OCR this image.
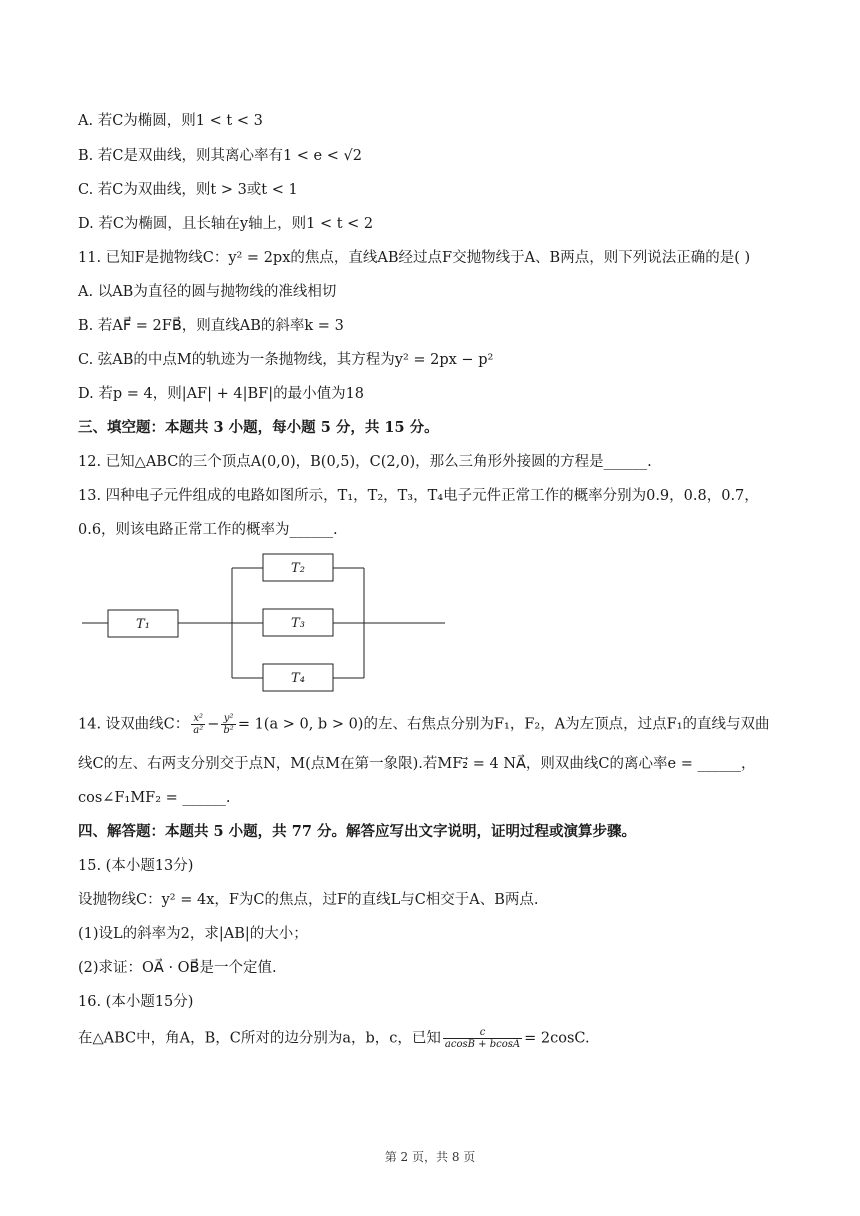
A. 若C为椭圆，则1 < t < 3
B. 若C是双曲线，则其离心率有1 < e < √2
C. 若C为双曲线，则t > 3或t < 1
D. 若C为椭圆，且长轴在y轴上，则1 < t < 2
11. 已知F是抛物线C：y² = 2px的焦点，直线AB经过点F交抛物线于A、B两点，则下列说法正确的是( )
A. 以AB为直径的圆与抛物线的准线相切
B. 若AF⃗ = 2FB⃗，则直线AB的斜率k = 3
C. 弦AB的中点M的轨迹为一条抛物线，其方程为y² = 2px − p²
D. 若p = 4，则|AF| + 4|BF|的最小值为18
三、填空题：本题共 3 小题，每小题 5 分，共 15 分。
12. 已知△ABC的三个顶点A(0,0)，B(0,5)，C(2,0)，那么三角形外接圆的方程是______.
13. 四种电子元件组成的电路如图所示，T₁，T₂，T₃，T₄电子元件正常工作的概率分别为0.9，0.8，0.7，
0.6，则该电路正常工作的概率为______.
cos∠F₁MF₂ = ______.
四、解答题：本题共 5 小题，共 77 分。解答应写出文字说明，证明过程或演算步骤。
15. (本小题13分)
设抛物线C：y² = 4x，F为C的焦点，过F的直线L与C相交于A、B两点.
(1)设L的斜率为2，求|AB|的大小；
(2)求证：OA⃗ · OB⃗是一个定值.
16. (本小题15分)
14. 设双曲线C： $\frac{\text{x²}}{\text{a²}} - \frac{\text{y²}}{\text{b²}} = 1(a > 0$, b > 0)的左、右焦点分别为F₁，F₂，A为左顶点，过点F₁的直线与双曲
线C的左、右两支分别交于点N，M(点M在第一象限).若MF₂⃗ = 4 NA⃗，则双曲线C的离心率e = ______，
在△ABC中，角A，B，C所对的边分别为a，b，c，已知 $\frac{c}{acosB + bcosA} = 2\cos C$.
T₁
T₂
T₃
T₄
第 2 页，共 8 页
